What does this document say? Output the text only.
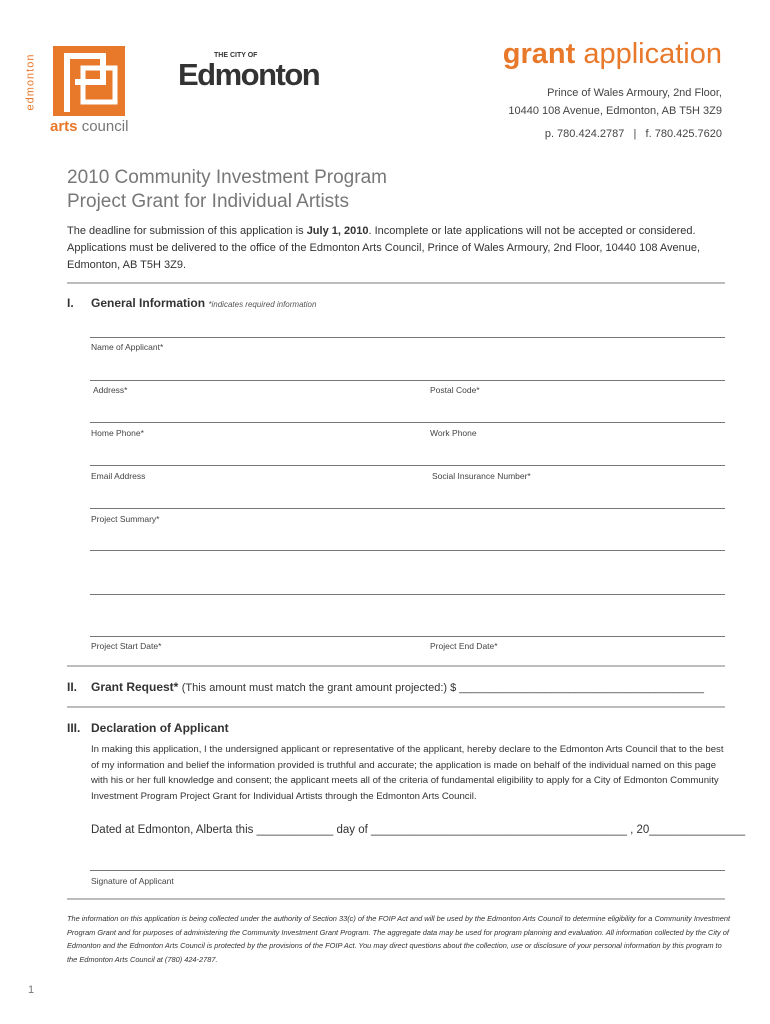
edmonton
arts council
THE CITY OF
Edmonton
grant application
Prince of Wales Armoury, 2nd Floor,
10440 108 Avenue, Edmonton, AB T5H 3Z9
p. 780.424.2787   |   f. 780.425.7620
2010 Community Investment Program
Project Grant for Individual Artists
The deadline for submission of this application is July 1, 2010. Incomplete or late applications will not be accepted or considered. Applications must be delivered to the office of the Edmonton Arts Council, Prince of Wales Armoury, 2nd Floor, 10440 108 Avenue, Edmonton, AB T5H 3Z9.
I. General Information *indicates required information
Name of Applicant*
Address*	Postal Code*
Home Phone*	Work Phone
Email Address	Social Insurance Number*
Project Summary*
Project Start Date*	Project End Date*
II. Grant Request* (This amount must match the grant amount projected:) $ ________________________________________
III. Declaration of Applicant
In making this application, I the undersigned applicant or representative of the applicant, hereby declare to the Edmonton Arts Council that to the best of my information and belief the information provided is truthful and accurate; the application is made on behalf of the individual named on this page with his or her full knowledge and consent; the applicant meets all of the criteria of fundamental eligibility to apply for a City of Edmonton Community Investment Program Project Grant for Individual Artists through the Edmonton Arts Council.
Dated at Edmonton, Alberta this ____________ day of ________________________________________ , 20_______________
Signature of Applicant
The information on this application is being collected under the authority of Section 33(c) of the FOIP Act and will be used by the Edmonton Arts Council to determine eligibility for a Community Investment Program Grant and for purposes of administering the Community Investment Grant Program. The aggregate data may be used for program planning and evaluation. All information collected by the City of Edmonton and the Edmonton Arts Council is protected by the provisions of the FOIP Act. You may direct questions about the collection, use or disclosure of your personal information by this program to the Edmonton Arts Council at (780) 424-2787.
1
